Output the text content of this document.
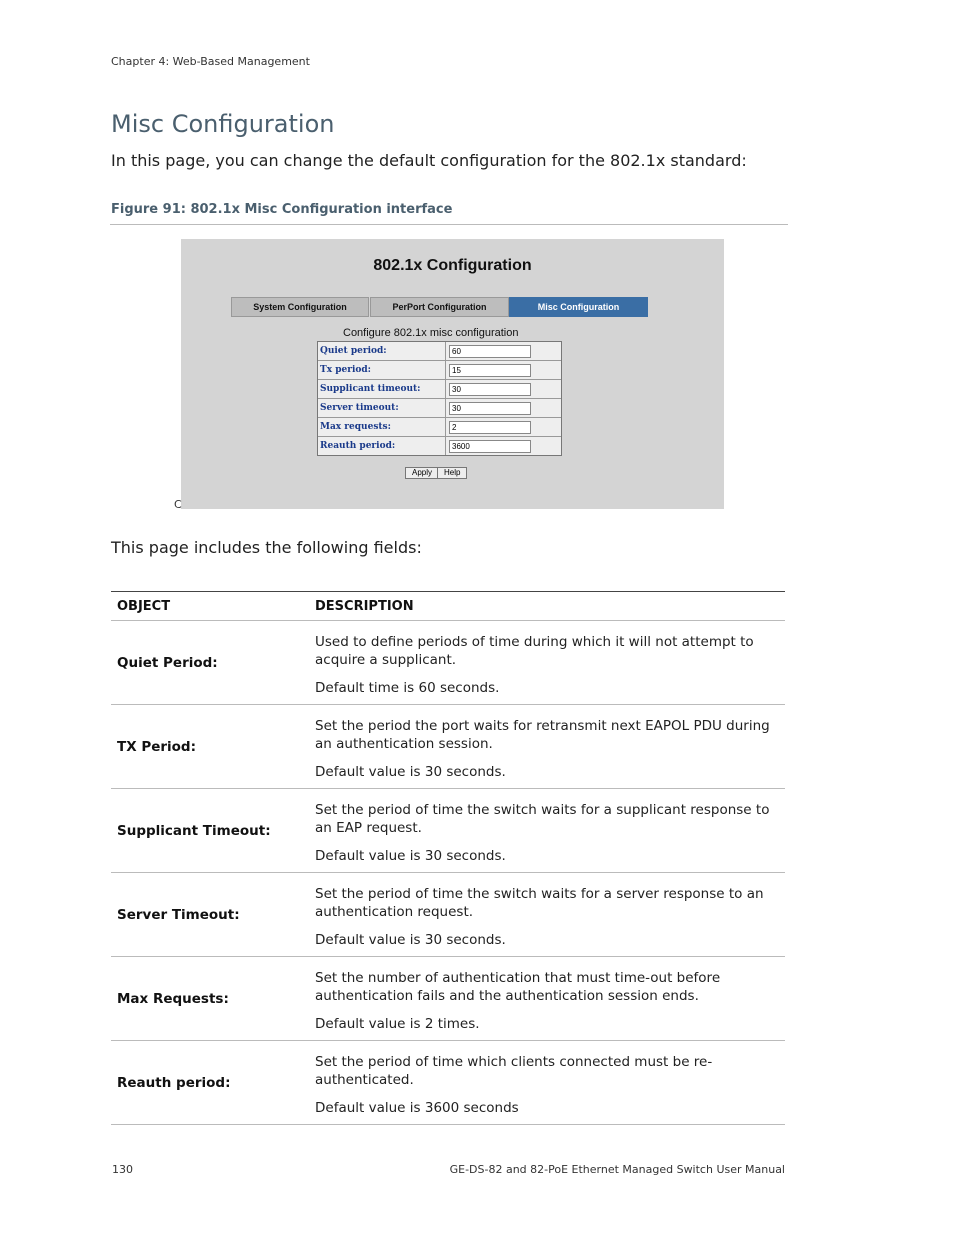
Chapter 4: Web-Based Management
Misc Configuration
In this page, you can change the default configuration for the 802.1x standard:
Figure 91: 802.1x Misc Configuration interface
802.1x Configuration
System Configuration	PerPort Configuration	Misc Configuration
Configure 802.1x misc configuration
Quiet period:
60
Tx period:
15
Supplicant timeout:
30
Server timeout:
30
Max requests:
2
Reauth period:
3600
Apply	Help
C
This page includes the following fields:
OBJECT	DESCRIPTION
Quiet Period:	Used to define periods of time during which it will not attempt to acquire a supplicant.

Default time is 60 seconds.

TX Period:	Set the period the port waits for retransmit next EAPOL PDU during an authentication session.

Default value is 30 seconds.

Supplicant Timeout:	Set the period of time the switch waits for a supplicant response to an EAP request.

Default value is 30 seconds.

Server Timeout:	Set the period of time the switch waits for a server response to an authentication request.

Default value is 30 seconds.

Max Requests:	Set the number of authentication that must time-out before authentication fails and the authentication session ends.

Default value is 2 times.

Reauth period:	Set the period of time which clients connected must be re-authenticated.

Default value is 3600 seconds

130	GE-DS-82 and 82-PoE Ethernet Managed Switch User Manual
